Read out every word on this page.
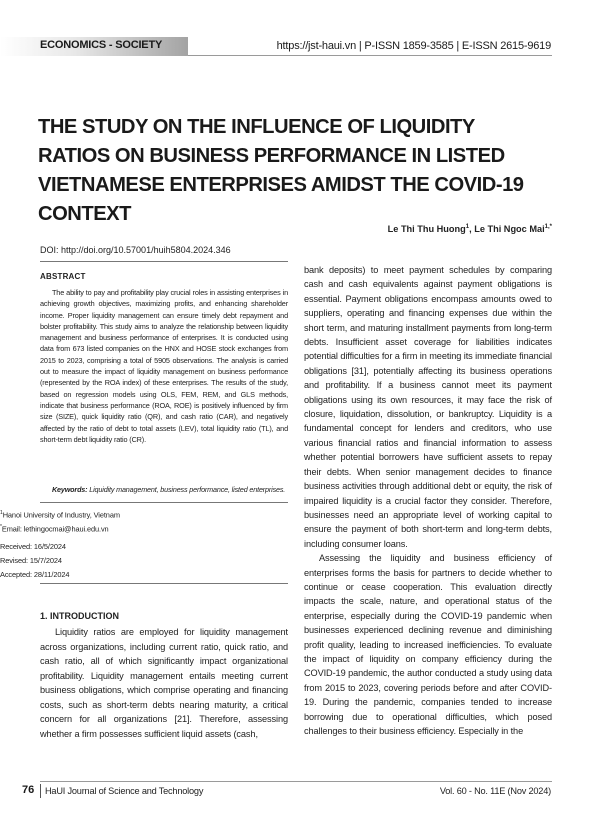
ECONOMICS - SOCIETY	https://jst-haui.vn | P-ISSN 1859-3585 | E-ISSN 2615-9619
THE STUDY ON THE INFLUENCE OF LIQUIDITY RATIOS ON BUSINESS PERFORMANCE IN LISTED VIETNAMESE ENTERPRISES AMIDST THE COVID-19 CONTEXT
Le Thi Thu Huong$^1$, Le Thi Ngoc Mai$^{1,*}$
DOI: http://doi.org/10.57001/huih5804.2024.346
ABSTRACT

The ability to pay and profitability play crucial roles in assisting enterprises in achieving growth objectives, maximizing profits, and enhancing shareholder income. Proper liquidity management can ensure timely debt repayment and bolster profitability. This study aims to analyze the relationship between liquidity management and business performance of enterprises. It is conducted using data from 673 listed companies on the HNX and HOSE stock exchanges from 2015 to 2023, comprising a total of 5905 observations. The analysis is carried out to measure the impact of liquidity management on business performance (represented by the ROA index) of these enterprises. The results of the study, based on regression models using OLS, FEM, REM, and GLS methods, indicate that business performance (ROA, ROE) is positively influenced by firm size (SIZE), quick liquidity ratio (QR), and cash ratio (CAR), and negatively affected by the ratio of debt to total assets (LEV), total liquidity ratio (TL), and short-term debt liquidity ratio (CR).

Keywords: Liquidity management, business performance, listed enterprises.

$^1$Hanoi University of Industry, Vietnam
*Email: lethingocmai@haui.edu.vn
Received: 16/5/2024
Revised: 15/7/2024
Accepted: 28/11/2024
1. INTRODUCTION

Liquidity ratios are employed for liquidity management across organizations, including current ratio, quick ratio, and cash ratio, all of which significantly impact organizational profitability. Liquidity management entails meeting current business obligations, which comprise operating and financing costs, such as short-term debts nearing maturity, a critical concern for all organizations [21]. Therefore, assessing whether a firm possesses sufficient liquid assets (cash,

bank deposits) to meet payment schedules by comparing cash and cash equivalents against payment obligations is essential. Payment obligations encompass amounts owed to suppliers, operating and financing expenses due within the short term, and maturing installment payments from long-term debts. Insufficient asset coverage for liabilities indicates potential difficulties for a firm in meeting its immediate financial obligations [31], potentially affecting its business operations and profitability. If a business cannot meet its payment obligations using its own resources, it may face the risk of closure, liquidation, dissolution, or bankruptcy. Liquidity is a fundamental concept for lenders and creditors, who use various financial ratios and financial information to assess whether potential borrowers have sufficient assets to repay their debts. When senior management decides to finance business activities through additional debt or equity, the risk of impaired liquidity is a crucial factor they consider. Therefore, businesses need an appropriate level of working capital to ensure the payment of both short-term and long-term debts, including consumer loans.

Assessing the liquidity and business efficiency of enterprises forms the basis for partners to decide whether to continue or cease cooperation. This evaluation directly impacts the scale, nature, and operational status of the enterprise, especially during the COVID-19 pandemic when businesses experienced declining revenue and diminishing profit quality, leading to increased inefficiencies. To evaluate the impact of liquidity on company efficiency during the COVID-19 pandemic, the author conducted a study using data from 2015 to 2023, covering periods before and after COVID-19. During the pandemic, companies tended to increase borrowing due to operational difficulties, which posed challenges to their business efficiency. Especially in the

76 HaUI Journal of Science and Technology	Vol. 60 - No. 11E (Nov 2024)
